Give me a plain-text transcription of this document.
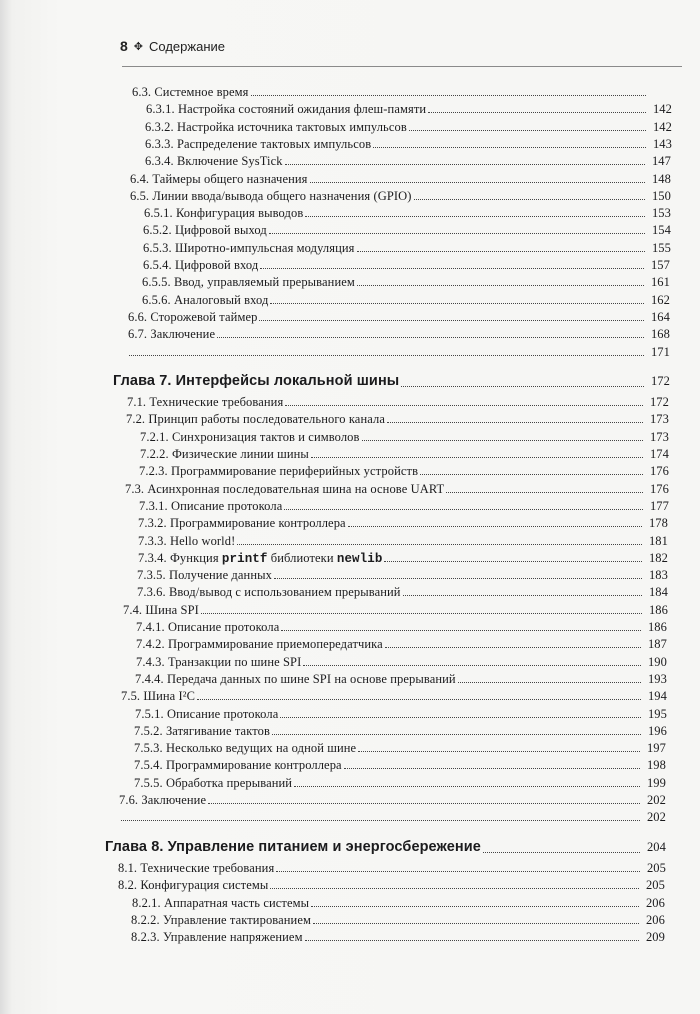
8 ✥ Содержание
6.3. Системное время
6.3.1. Настройка состояний ожидания флеш-памяти	142
6.3.2. Настройка источника тактовых импульсов	142
6.3.3. Распределение тактовых импульсов	143
6.3.4. Включение SysTick	147
6.4. Таймеры общего назначения	148
6.5. Линии ввода/вывода общего назначения (GPIO)	150
6.5.1. Конфигурация выводов	153
6.5.2. Цифровой выход	154
6.5.3. Широтно-импульсная модуляция	155
6.5.4. Цифровой вход	157
6.5.5. Ввод, управляемый прерыванием	161
6.5.6. Аналоговый вход	162
6.6. Сторожевой таймер	164
6.7. Заключение	168
171
Глава 7. Интерфейсы локальной шины	172
7.1. Технические требования	172
7.2. Принцип работы последовательного канала	173
7.2.1. Синхронизация тактов и символов	173
7.2.2. Физические линии шины	174
7.2.3. Программирование периферийных устройств	176
7.3. Асинхронная последовательная шина на основе UART	176
7.3.1. Описание протокола	177
7.3.2. Программирование контроллера	178
7.3.3. Hello world!	181
7.3.4. Функция printf библиотеки newlib	182
7.3.5. Получение данных	183
7.3.6. Ввод/вывод с использованием прерываний	184
7.4. Шина SPI	186
7.4.1. Описание протокола	186
7.4.2. Программирование приемопередатчика	187
7.4.3. Транзакции по шине SPI	190
7.4.4. Передача данных по шине SPI на основе прерываний	193
7.5. Шина I²C	194
7.5.1. Описание протокола	195
7.5.2. Затягивание тактов	196
7.5.3. Несколько ведущих на одной шине	197
7.5.4. Программирование контроллера	198
7.5.5. Обработка прерываний	199
7.6. Заключение	202
202
Глава 8. Управление питанием и энергосбережение	204
8.1. Технические требования	205
8.2. Конфигурация системы	205
8.2.1. Аппаратная часть системы	206
8.2.2. Управление тактированием	206
8.2.3. Управление напряжением	209
